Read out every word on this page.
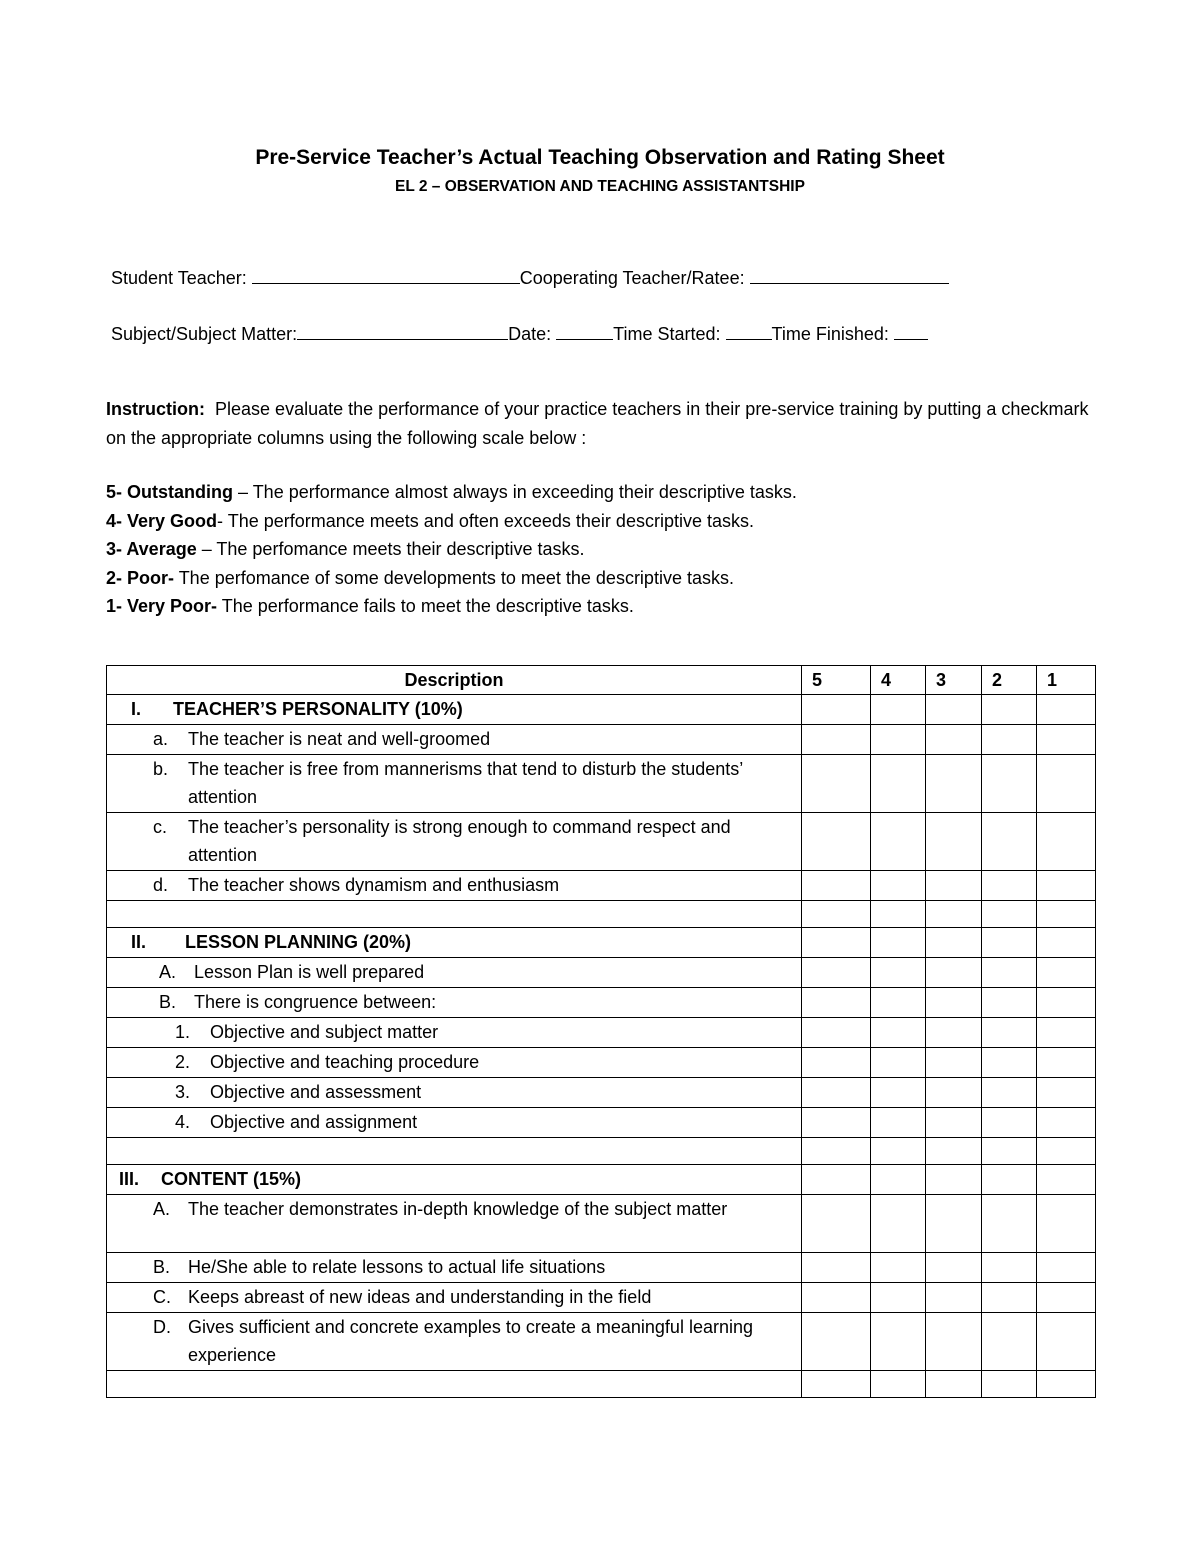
Pre-Service Teacher’s Actual Teaching Observation and Rating Sheet
EL 2 – OBSERVATION AND TEACHING ASSISTANTSHIP
Student Teacher:	Cooperating Teacher/Ratee:
Subject/Subject Matter:	Date:	Time Started:	Time Finished:
Instruction: Please evaluate the performance of your practice teachers in their pre-service training by putting a checkmark on the appropriate columns using the following scale below :
5- Outstanding – The performance almost always in exceeding their descriptive tasks.
4- Very Good- The performance meets and often exceeds their descriptive tasks.
3- Average – The perfomance meets their descriptive tasks.
2- Poor- The perfomance of some developments to meet the descriptive tasks.
1- Very Poor- The performance fails to meet the descriptive tasks.
Description	5	4	3	2	1

I. TEACHER’S PERSONALITY (10%)					

a. The teacher is neat and well-groomed					

b. The teacher is free from mannerisms that tend to disturb the students’ attention					

c. The teacher’s personality is strong enough to command respect and attention					

d. The teacher shows dynamism and enthusiasm					

II. LESSON PLANNING (20%)					

A. Lesson Plan is well prepared					

B. There is congruence between:					

1. Objective and subject matter					

2. Objective and teaching procedure					

3. Objective and assessment					

4. Objective and assignment					

III. CONTENT (15%)					

A. The teacher demonstrates in-depth knowledge of the subject matter					

B. He/She able to relate lessons to actual life situations					

C. Keeps abreast of new ideas and understanding in the field					

D. Gives sufficient and concrete examples to create a meaningful learning experience					
